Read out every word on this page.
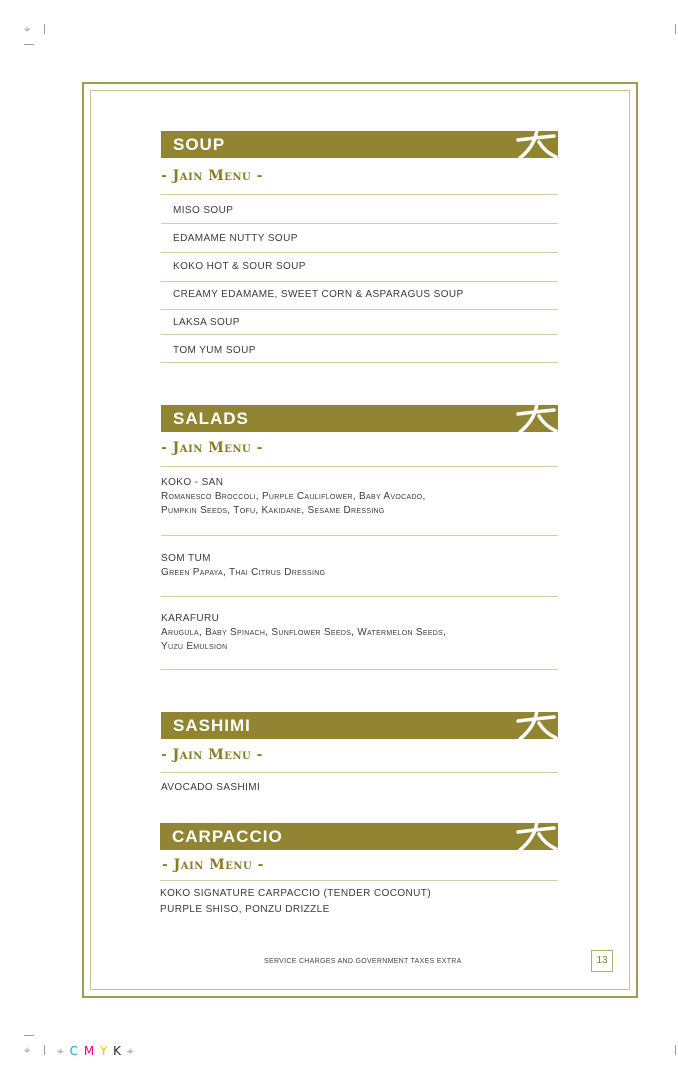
⌖
⌖ ⌖ C M Y K ⌖
SOUP
- Jain Menu -
MISO SOUP
EDAMAME NUTTY SOUP
KOKO HOT & SOUR SOUP
CREAMY EDAMAME, SWEET CORN & ASPARAGUS SOUP
LAKSA SOUP
TOM YUM SOUP
SALADS
- Jain Menu -
KOKO - SAN
Romanesco Broccoli, Purple Cauliflower, Baby Avocado,
Pumpkin Seeds, Tofu, Kakidane, Sesame Dressing
SOM TUM
Green Papaya, Thai Citrus Dressing
KARAFURU
Arugula, Baby Spinach, Sunflower Seeds, Watermelon Seeds,
Yuzu Emulsion
SASHIMI
- Jain Menu -
AVOCADO SASHIMI
CARPACCIO
- Jain Menu -
KOKO SIGNATURE CARPACCIO (TENDER COCONUT)
PURPLE SHISO, PONZU DRIZZLE
SERVICE CHARGES AND GOVERNMENT TAXES EXTRA	13
